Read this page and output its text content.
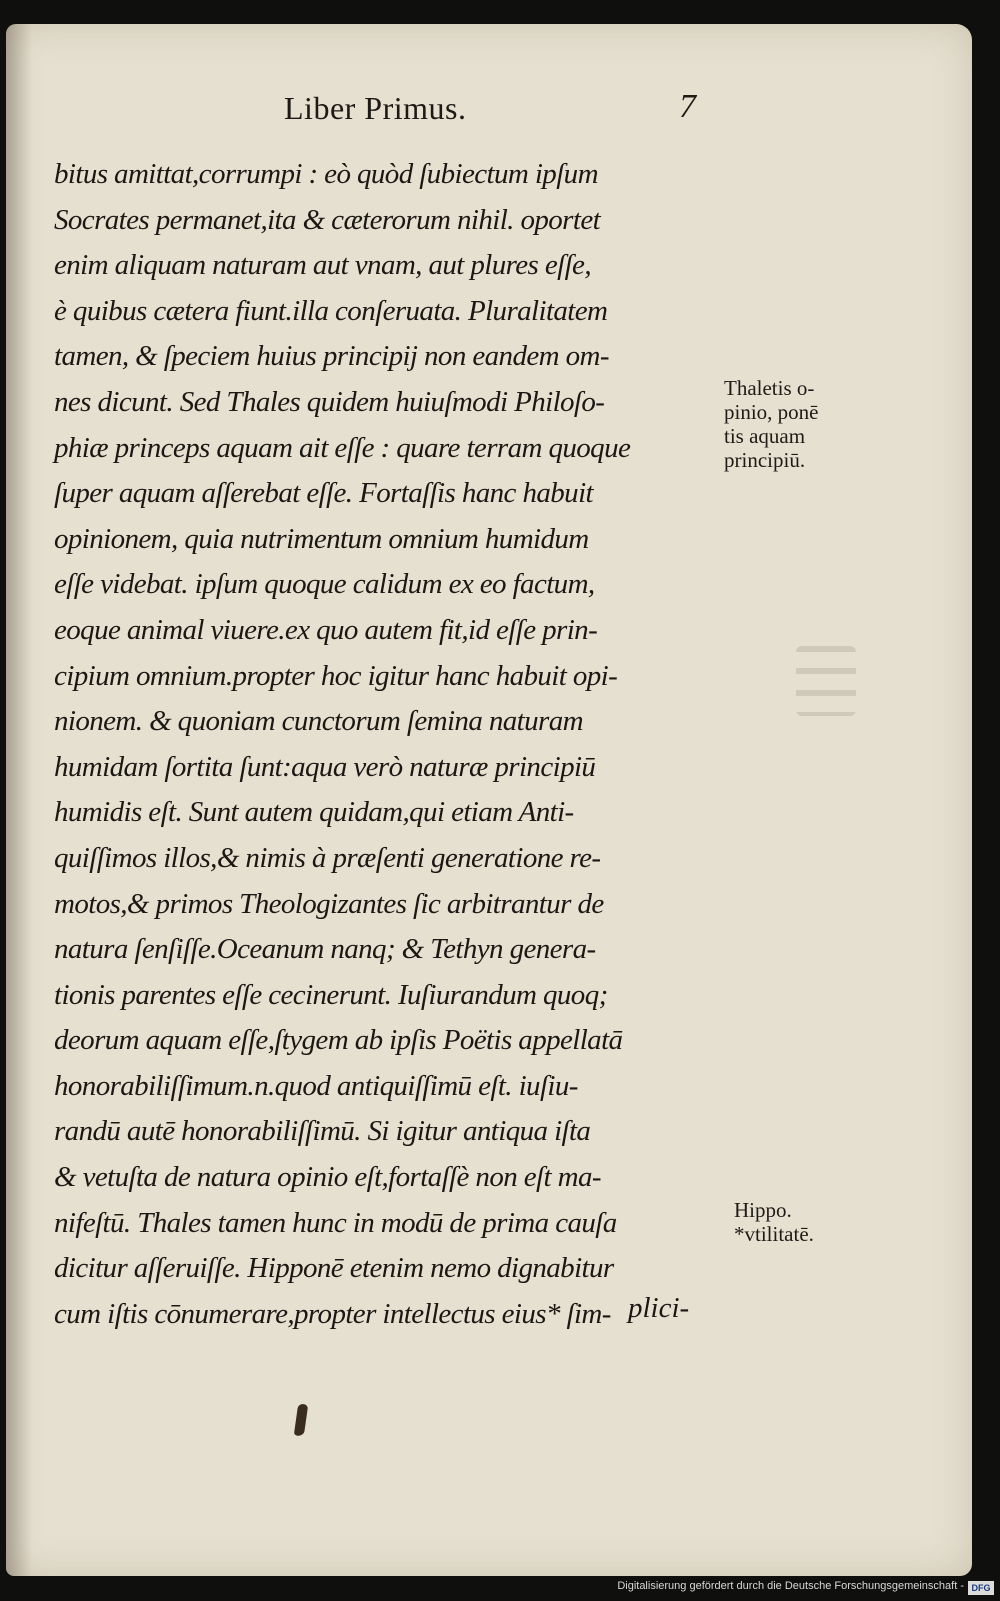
Liber Primus.	7
bitus amittat,corrumpi : eò quòd ſubiectum ipſum
Socrates permanet,ita & cæterorum nihil. oportet
enim aliquam naturam aut vnam, aut plures eſſe,
è quibus cætera fiunt.illa conſeruata. Pluralitatem
tamen, & ſpeciem huius principij non eandem om-
nes dicunt. Sed Thales quidem huiuſmodi Philoſo-
phiæ princeps aquam ait eſſe : quare terram quoque
ſuper aquam aſſerebat eſſe. Fortaſſis hanc habuit
opinionem, quia nutrimentum omnium humidum
eſſe videbat. ipſum quoque calidum ex eo factum,
eoque animal viuere.ex quo autem fit,id eſſe prin-
cipium omnium.propter hoc igitur hanc habuit opi-
nionem. & quoniam cunctorum ſemina naturam
humidam ſortita ſunt:aqua verò naturæ principiū
humidis eſt. Sunt autem quidam,qui etiam Anti-
quiſſimos illos,& nimis à præſenti generatione re-
motos,& primos Theologizantes ſic arbitrantur de
natura ſenſiſſe.Oceanum nanq; & Tethyn genera-
tionis parentes eſſe cecinerunt. Iuſiurandum quoq;
deorum aquam eſſe,ſtygem ab ipſis Poëtis appellatā
honorabiliſſimum.n.quod antiquiſſimū eſt. iuſiu-
randū autē honorabiliſſimū. Si igitur antiqua iſta
& vetuſta de natura opinio eſt,fortaſſè non eſt ma-
nifeſtū. Thales tamen hunc in modū de prima cauſa
dicitur aſſeruiſſe. Hipponē etenim nemo dignabitur
cum iſtis cōnumerare,propter intellectus eius* ſim- plici-
Thaletis o-
pinio, ponē
tis aquam
principiū.
Hippo.
*vtilitatē.
Digitalisierung gefördert durch die Deutsche Forschungsgemeinschaft - DFG
